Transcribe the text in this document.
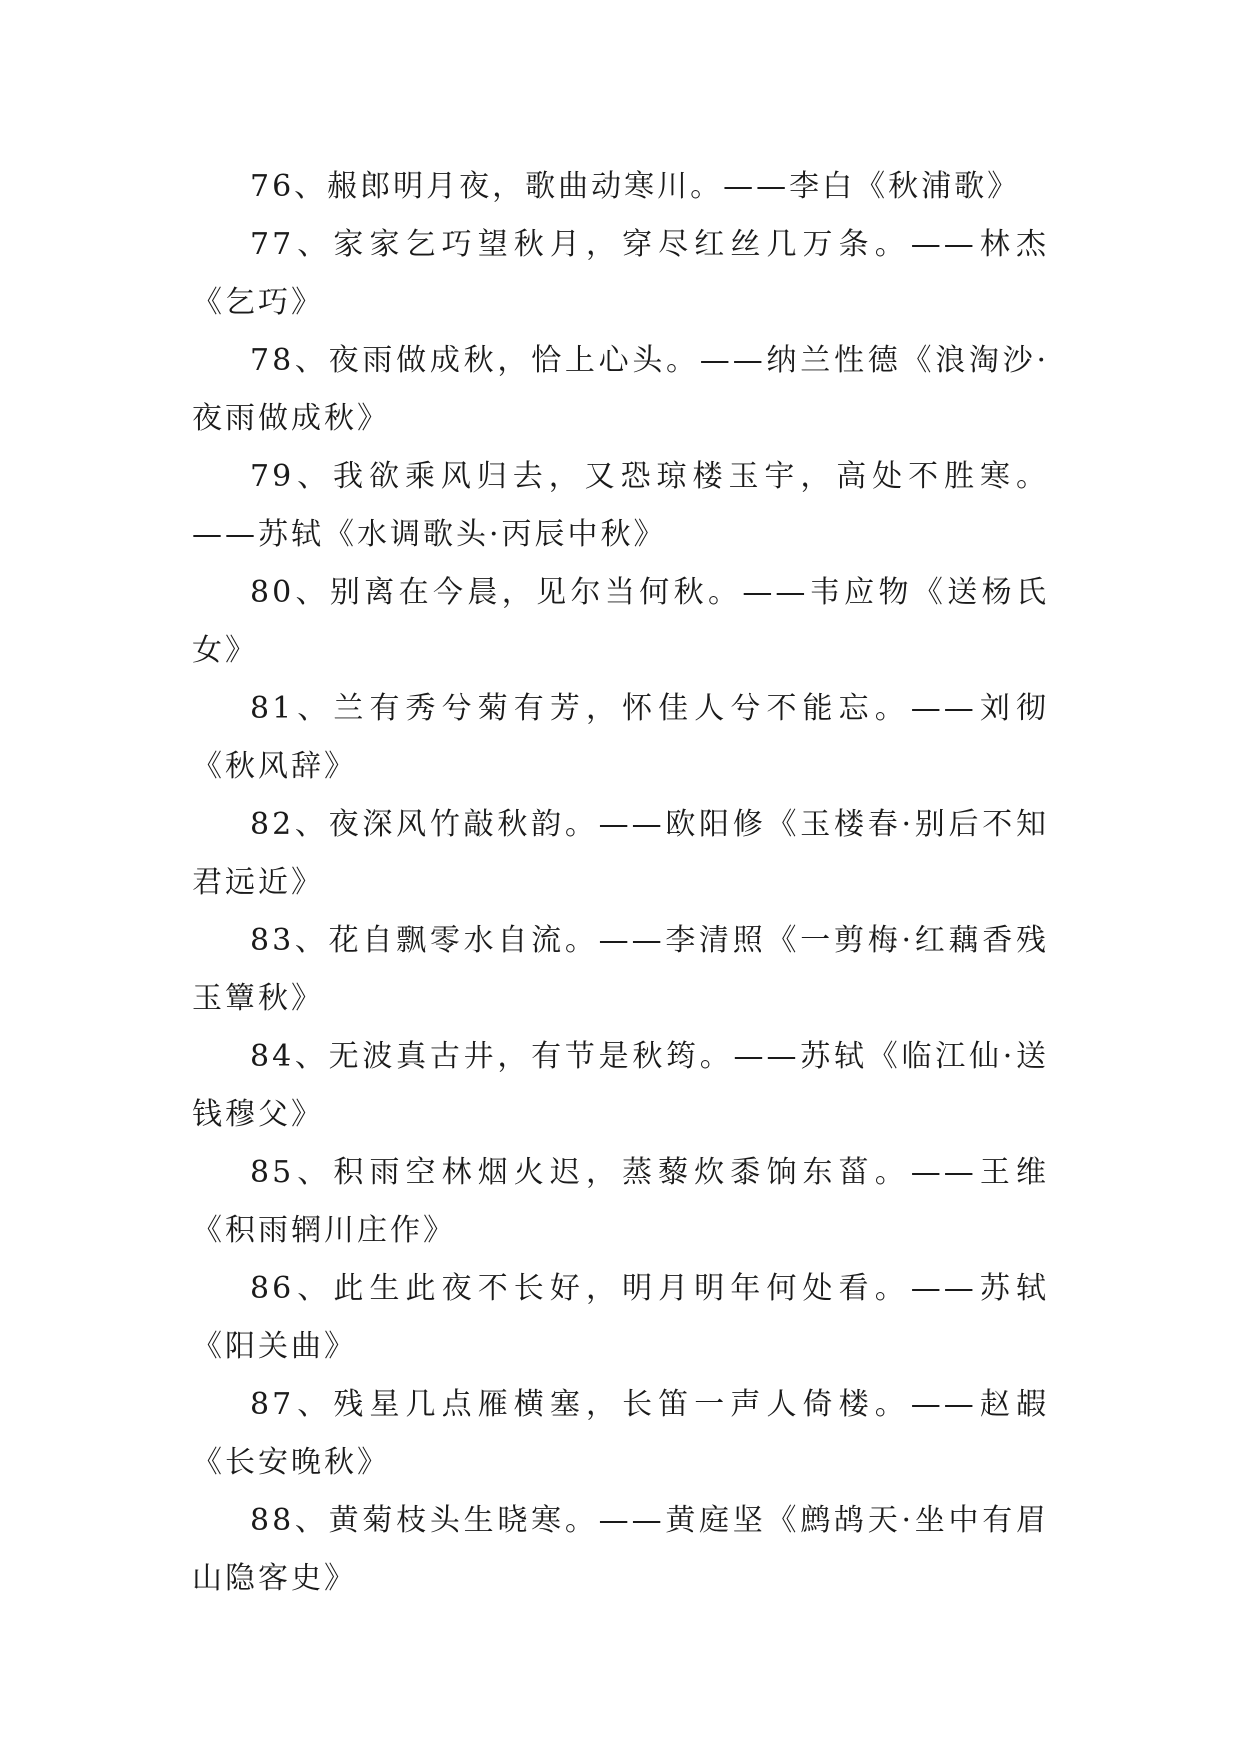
76、赧郎明月夜，歌曲动寒川。——李白《秋浦歌》

77、家家乞巧望秋月，穿尽红丝几万条。——林杰《乞巧》

78、夜雨做成秋，恰上心头。——纳兰性德《浪淘沙·夜雨做成秋》

79、我欲乘风归去，又恐琼楼玉宇，高处不胜寒。——苏轼《水调歌头·丙辰中秋》

80、别离在今晨，见尔当何秋。——韦应物《送杨氏女》

81、兰有秀兮菊有芳，怀佳人兮不能忘。——刘彻《秋风辞》

82、夜深风竹敲秋韵。——欧阳修《玉楼春·别后不知君远近》

83、花自飘零水自流。——李清照《一剪梅·红藕香残玉簟秋》

84、无波真古井，有节是秋筠。——苏轼《临江仙·送钱穆父》

85、积雨空林烟火迟，蒸藜炊黍饷东菑。——王维《积雨辋川庄作》

86、此生此夜不长好，明月明年何处看。——苏轼《阳关曲》

87、残星几点雁横塞，长笛一声人倚楼。——赵嘏《长安晚秋》

88、黄菊枝头生晓寒。——黄庭坚《鹧鸪天·坐中有眉山隐客史》
